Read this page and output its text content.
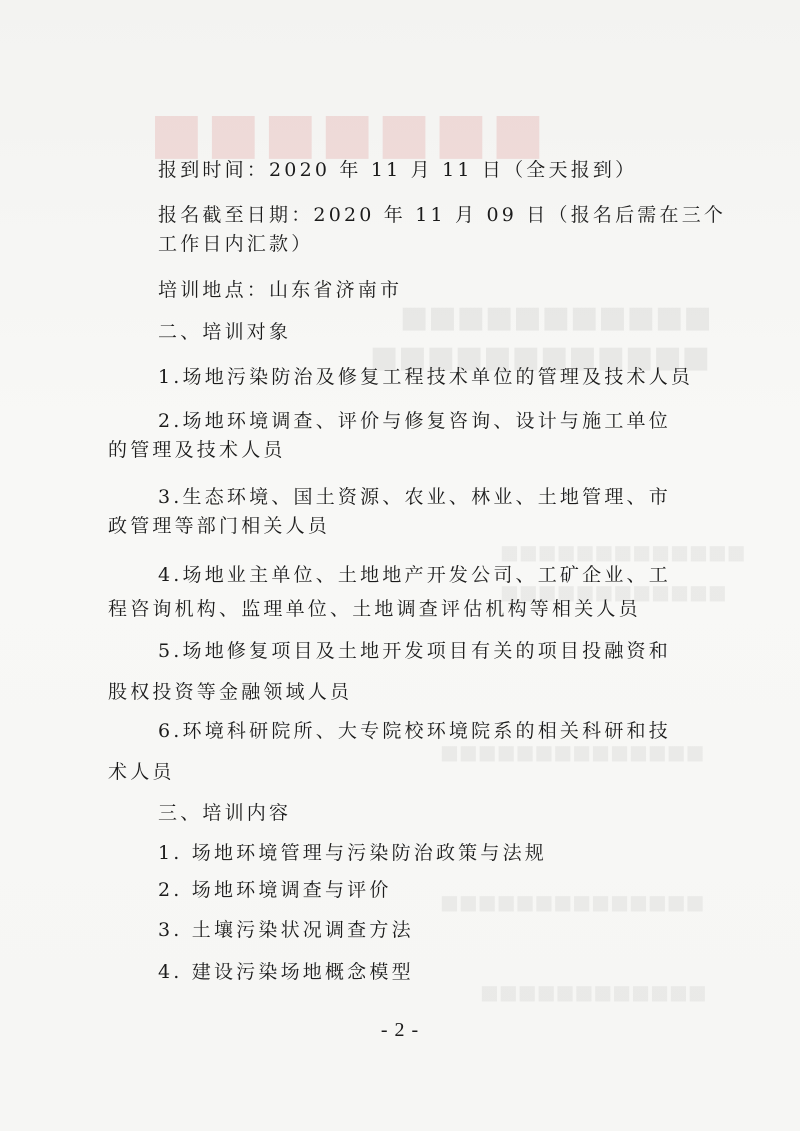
■■■■■■■
■■■■■■■■■■■
■■■■■■■■■■■■
■■■■■■■■■■■■■
■■■■■■■■■■■■
■■■■■■■■■■■■■■
■■■■■■■■■■■■■■
■■■■■■■■■■■■
报到时间：2020 年 11 月 11 日（全天报到）
报名截至日期：2020 年 11 月 09 日（报名后需在三个
工作日内汇款）
培训地点：山东省济南市
二、培训对象
1.场地污染防治及修复工程技术单位的管理及技术人员
2.场地环境调查、评价与修复咨询、设计与施工单位
的管理及技术人员
3.生态环境、国土资源、农业、林业、土地管理、市
政管理等部门相关人员
4.场地业主单位、土地地产开发公司、工矿企业、工
程咨询机构、监理单位、土地调查评估机构等相关人员
5.场地修复项目及土地开发项目有关的项目投融资和
股权投资等金融领域人员
6.环境科研院所、大专院校环境院系的相关科研和技
术人员
三、培训内容
1. 场地环境管理与污染防治政策与法规
2. 场地环境调查与评价
3. 土壤污染状况调查方法
4. 建设污染场地概念模型
- 2 -
